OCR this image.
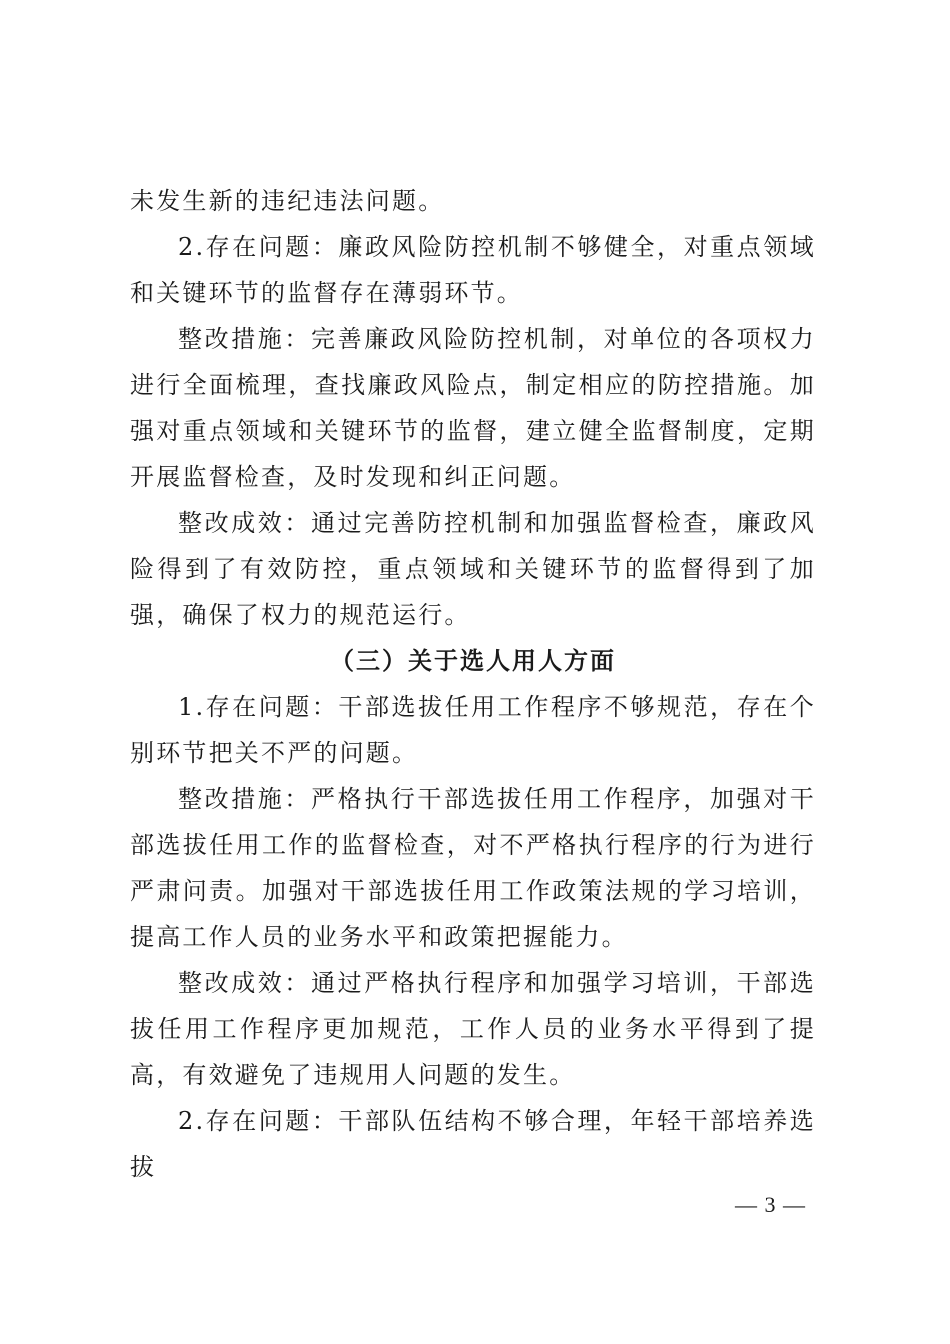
未发生新的违纪违法问题。

2.存在问题：廉政风险防控机制不够健全，对重点领域和关键环节的监督存在薄弱环节。

整改措施：完善廉政风险防控机制，对单位的各项权力进行全面梳理，查找廉政风险点，制定相应的防控措施。加强对重点领域和关键环节的监督，建立健全监督制度，定期开展监督检查，及时发现和纠正问题。

整改成效：通过完善防控机制和加强监督检查，廉政风险得到了有效防控，重点领域和关键环节的监督得到了加强，确保了权力的规范运行。

（三）关于选人用人方面

1.存在问题：干部选拔任用工作程序不够规范，存在个别环节把关不严的问题。

整改措施：严格执行干部选拔任用工作程序，加强对干部选拔任用工作的监督检查，对不严格执行程序的行为进行严肃问责。加强对干部选拔任用工作政策法规的学习培训，提高工作人员的业务水平和政策把握能力。

整改成效：通过严格执行程序和加强学习培训，干部选拔任用工作程序更加规范，工作人员的业务水平得到了提高，有效避免了违规用人问题的发生。

2.存在问题：干部队伍结构不够合理，年轻干部培养选拔

— 3 —
